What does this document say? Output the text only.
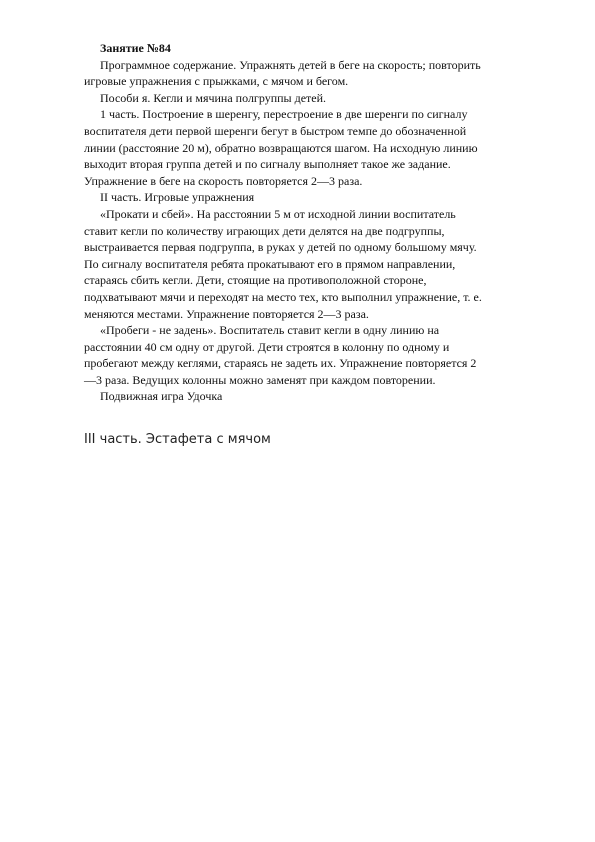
Занятие №84

Программное содержание. Упражнять детей в беге на скорость; повторить

игровые упражнения с прыжками, с мячом и бегом.

Пособи я. Кегли и мячина полгруппы детей.

1 часть. Построение в шеренгу, перестроение в две шеренги по сигналу

воспитателя дети первой шеренги бегут в быстром темпе до обозначенной

линии (расстояние 20 м), обратно возвращаются шагом. На исходную линию

выходит вторая группа детей и по сигналу выполняет такое же задание.

Упражнение в беге на скорость повторяется 2—3 раза.

II часть. Игровые упражнения

«Прокати и сбей». На расстоянии 5 м от исходной линии воспитатель

ставит кегли по количеству играющих дети делятся на две подгруппы,

выстраивается первая подгруппа, в руках у детей по одному большому мячу.

По сигналу воспитателя ребята прокатывают его в прямом направлении,

стараясь сбить кегли. Дети, стоящие на противоположной стороне,

подхватывают мячи и переходят на место тех, кто выполнил упражнение, т. е.

меняются местами. Упражнение повторяется 2—3 раза.

«Пробеги - не задень». Воспитатель ставит кегли в одну линию на

расстоянии 40 см одну от другой. Дети строятся в колонну по одному и

пробегают между кеглями, стараясь не задеть их. Упражнение повторяется 2

—3 раза. Ведущих колонны можно заменят при каждом повторении.

Подвижная игра Удочка

III часть. Эстафета с мячом
